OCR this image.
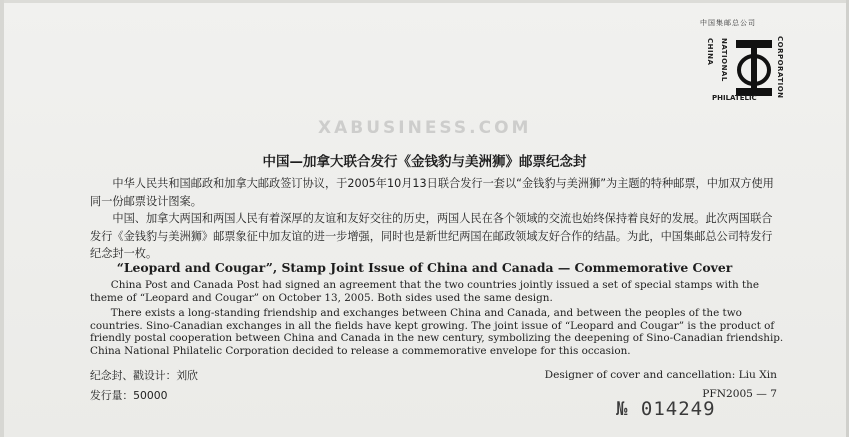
中国集邮总公司
CHINA NATIONAL	CORPORATION
PHILATELIC
XABUSINESS.COM
中国—加拿大联合发行《金钱豹与美洲狮》邮票纪念封
中华人民共和国邮政和加拿大邮政签订协议，于2005年10月13日联合发行一套以“金钱豹与美洲狮”为主题的特种邮票，中加双方使用同一份邮票设计图案。
中国、加拿大两国和两国人民有着深厚的友谊和友好交往的历史，两国人民在各个领域的交流也始终保持着良好的发展。此次两国联合发行《金钱豹与美洲狮》邮票象征中加友谊的进一步增强，同时也是新世纪两国在邮政领域友好合作的结晶。为此，中国集邮总公司特发行纪念封一枚。
“Leopard and Cougar”, Stamp Joint Issue of China and Canada — Commemorative Cover
China Post and Canada Post had signed an agreement that the two countries jointly issued a set of special stamps with the theme of “Leopard and Cougar” on October 13, 2005. Both sides used the same design.
There exists a long-standing friendship and exchanges between China and Canada, and between the peoples of the two countries. Sino-Canadian exchanges in all the fields have kept growing. The joint issue of “Leopard and Cougar” is the product of friendly postal cooperation between China and Canada in the new century, symbolizing the deepening of Sino-Canadian friendship. China National Philatelic Corporation decided to release a commemorative envelope for this occasion.
纪念封、戳设计：刘欣
发行量：50000
Designer of cover and cancellation: Liu Xin
PFN2005 — 7
№ 014249
